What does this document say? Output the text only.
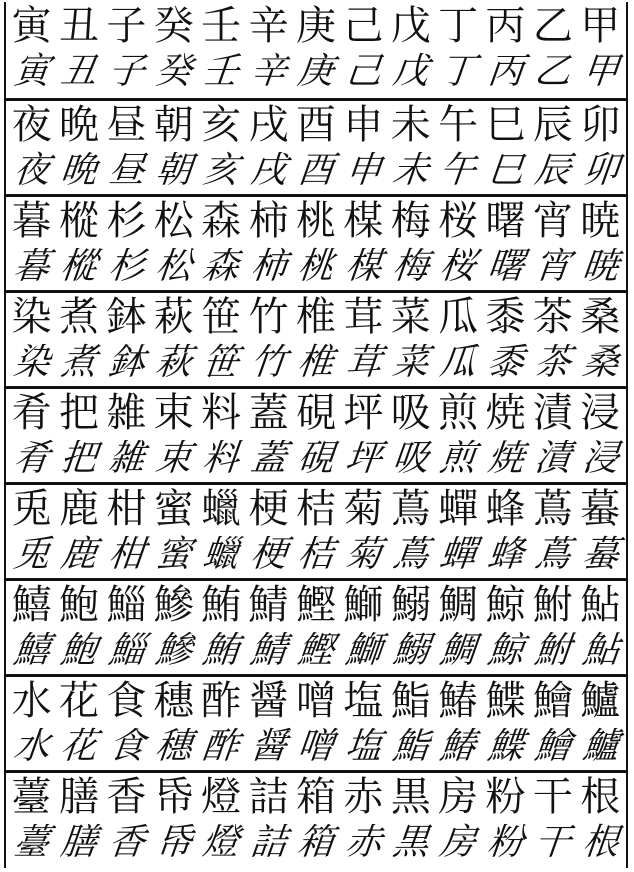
甲
乙
丙
丁
戊
己
庚
辛
壬
癸
子
丑
寅
甲
乙
丙
丁
戊
己
庚
辛
壬
癸
子
丑
寅
卯
辰
巳
午
未
申
酉
戌
亥
朝
昼
晩
夜
卯
辰
巳
午
未
申
酉
戌
亥
朝
昼
晩
夜
暁
宵
曙
桜
梅
楳
桃
柿
森
松
杉
樅
暮
暁
宵
曙
桜
梅
楳
桃
柿
森
松
杉
樅
暮
桑
茶
黍
瓜
菜
茸
椎
竹
笹
萩
鉢
煮
染
桑
茶
黍
瓜
菜
茸
椎
竹
笹
萩
鉢
煮
染
浸
漬
焼
煎
吸
坪
硯
蓋
料
束
雑
把
肴
浸
漬
焼
煎
吸
坪
硯
蓋
料
束
雑
把
肴
蟇
蔦
蜂
蟬
蔦
菊
桔
梗
蠟
蜜
柑
鹿
兎
蟇
蔦
蜂
蟬
蔦
菊
桔
梗
蠟
蜜
柑
鹿
兎
鮎
鮒
鯨
鯛
鰯
鰤
鰹
鯖
鮪
鰺
鯔
鮑
鱚
鮎
鮒
鯨
鯛
鰯
鰤
鰹
鯖
鮪
鰺
鯔
鮑
鱚
鱸
鱠
鰈
鰆
鮨
塩
噌
醤
酢
穗
食
花
水
鱸
鱠
鰈
鰆
鮨
塩
噌
醤
酢
穗
食
花
水
根
干
粉
房
黒
赤
箱
詰
燈
帋
香
膳
薹
根
干
粉
房
黒
赤
箱
詰
燈
帋
香
膳
薹
